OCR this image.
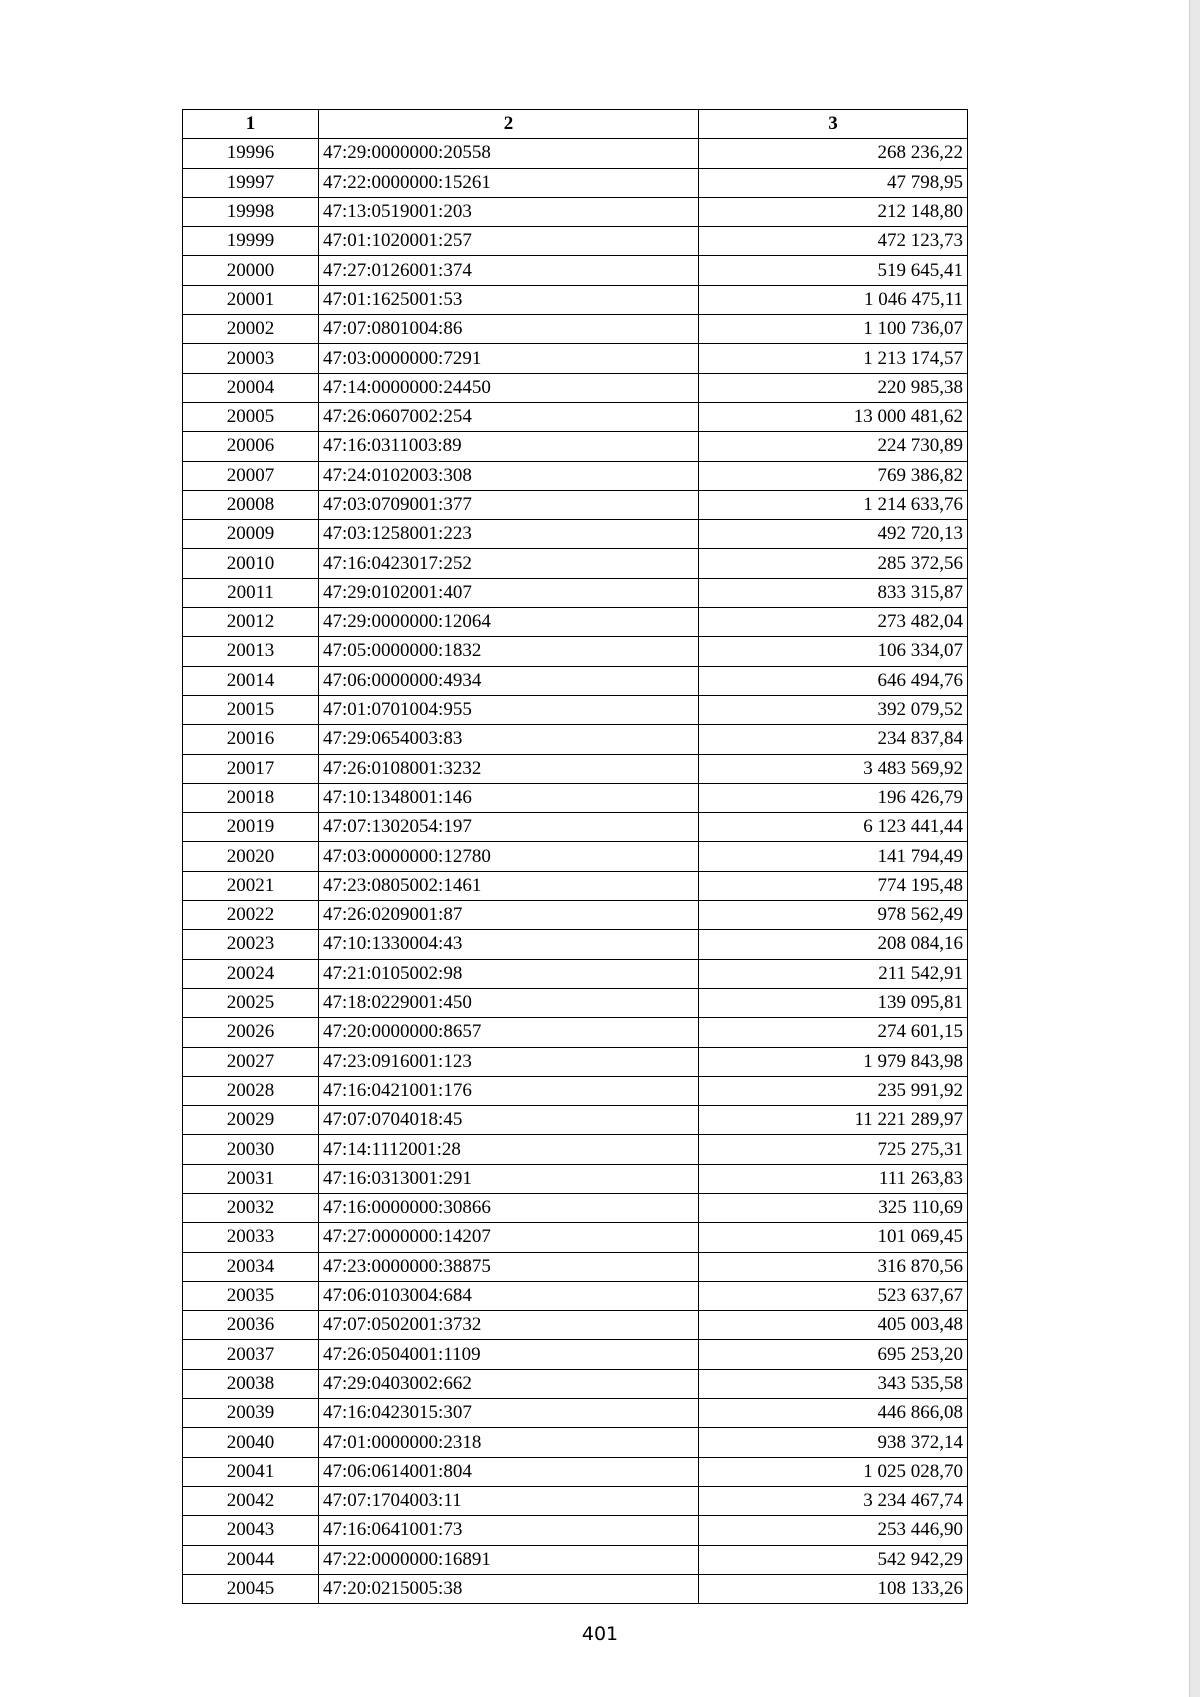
1	2	3
19996	47:29:0000000:20558	268 236,22
19997	47:22:0000000:15261	47 798,95
19998	47:13:0519001:203	212 148,80
19999	47:01:1020001:257	472 123,73
20000	47:27:0126001:374	519 645,41
20001	47:01:1625001:53	1 046 475,11
20002	47:07:0801004:86	1 100 736,07
20003	47:03:0000000:7291	1 213 174,57
20004	47:14:0000000:24450	220 985,38
20005	47:26:0607002:254	13 000 481,62
20006	47:16:0311003:89	224 730,89
20007	47:24:0102003:308	769 386,82
20008	47:03:0709001:377	1 214 633,76
20009	47:03:1258001:223	492 720,13
20010	47:16:0423017:252	285 372,56
20011	47:29:0102001:407	833 315,87
20012	47:29:0000000:12064	273 482,04
20013	47:05:0000000:1832	106 334,07
20014	47:06:0000000:4934	646 494,76
20015	47:01:0701004:955	392 079,52
20016	47:29:0654003:83	234 837,84
20017	47:26:0108001:3232	3 483 569,92
20018	47:10:1348001:146	196 426,79
20019	47:07:1302054:197	6 123 441,44
20020	47:03:0000000:12780	141 794,49
20021	47:23:0805002:1461	774 195,48
20022	47:26:0209001:87	978 562,49
20023	47:10:1330004:43	208 084,16
20024	47:21:0105002:98	211 542,91
20025	47:18:0229001:450	139 095,81
20026	47:20:0000000:8657	274 601,15
20027	47:23:0916001:123	1 979 843,98
20028	47:16:0421001:176	235 991,92
20029	47:07:0704018:45	11 221 289,97
20030	47:14:1112001:28	725 275,31
20031	47:16:0313001:291	111 263,83
20032	47:16:0000000:30866	325 110,69
20033	47:27:0000000:14207	101 069,45
20034	47:23:0000000:38875	316 870,56
20035	47:06:0103004:684	523 637,67
20036	47:07:0502001:3732	405 003,48
20037	47:26:0504001:1109	695 253,20
20038	47:29:0403002:662	343 535,58
20039	47:16:0423015:307	446 866,08
20040	47:01:0000000:2318	938 372,14
20041	47:06:0614001:804	1 025 028,70
20042	47:07:1704003:11	3 234 467,74
20043	47:16:0641001:73	253 446,90
20044	47:22:0000000:16891	542 942,29
20045	47:20:0215005:38	108 133,26
401
